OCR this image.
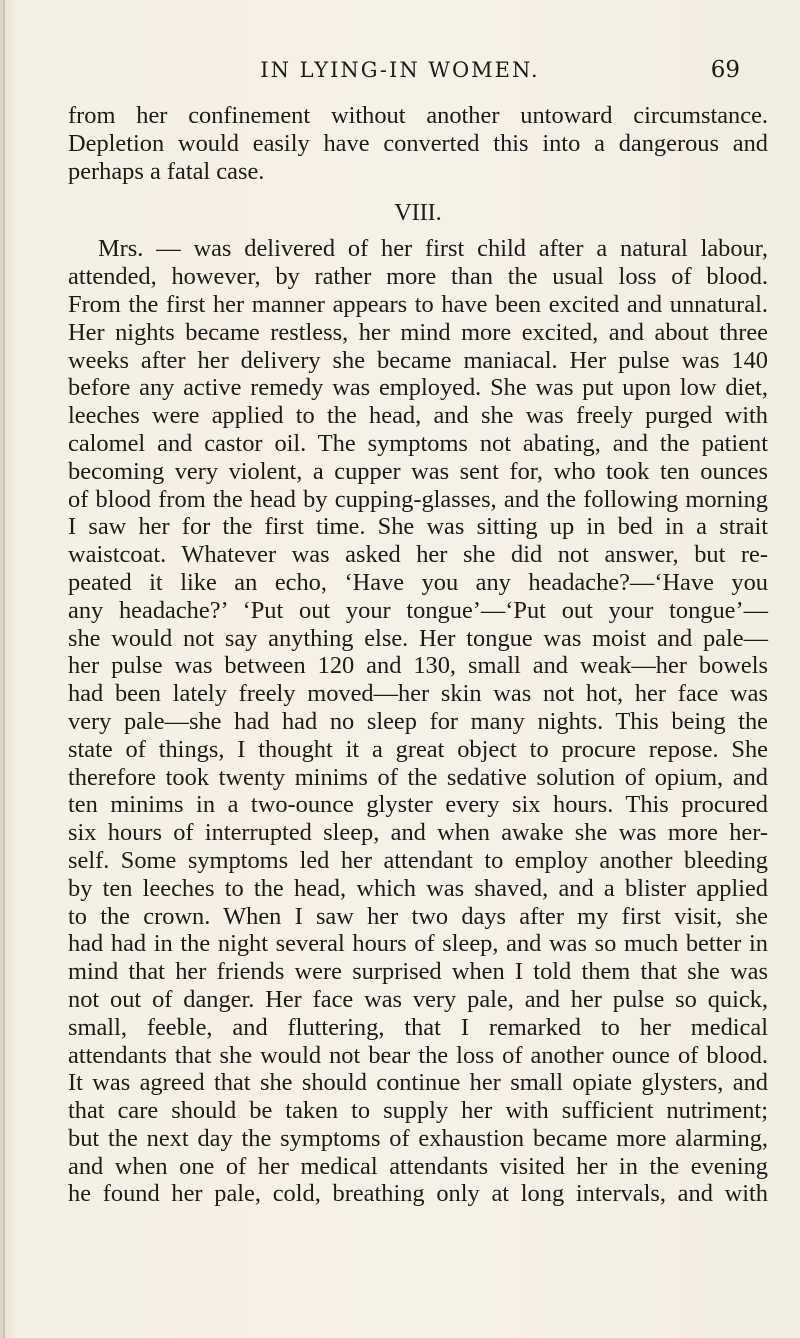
IN LYING-IN WOMEN.	69
from her confinement without another untoward circumstance.
Depletion would easily have converted this into a dangerous and
perhaps a fatal case.
VIII.
Mrs. — was delivered of her first child after a natural labour,
attended, however, by rather more than the usual loss of blood.
From the first her manner appears to have been excited and unnatural.
Her nights became restless, her mind more excited, and about three
weeks after her delivery she became maniacal. Her pulse was 140
before any active remedy was employed. She was put upon low diet,
leeches were applied to the head, and she was freely purged with
calomel and castor oil. The symptoms not abating, and the patient
becoming very violent, a cupper was sent for, who took ten ounces
of blood from the head by cupping-glasses, and the following morning
I saw her for the first time. She was sitting up in bed in a strait
waistcoat. Whatever was asked her she did not answer, but re-
peated it like an echo, ‘Have you any headache?—‘Have you
any headache?’ ‘Put out your tongue’—‘Put out your tongue’—
she would not say anything else. Her tongue was moist and pale—
her pulse was between 120 and 130, small and weak—her bowels
had been lately freely moved—her skin was not hot, her face was
very pale—she had had no sleep for many nights. This being the
state of things, I thought it a great object to procure repose. She
therefore took twenty minims of the sedative solution of opium, and
ten minims in a two-ounce glyster every six hours. This procured
six hours of interrupted sleep, and when awake she was more her-
self. Some symptoms led her attendant to employ another bleeding
by ten leeches to the head, which was shaved, and a blister applied
to the crown. When I saw her two days after my first visit, she
had had in the night several hours of sleep, and was so much better in
mind that her friends were surprised when I told them that she was
not out of danger. Her face was very pale, and her pulse so quick,
small, feeble, and fluttering, that I remarked to her medical
attendants that she would not bear the loss of another ounce of blood.
It was agreed that she should continue her small opiate glysters, and
that care should be taken to supply her with sufficient nutriment;
but the next day the symptoms of exhaustion became more alarming,
and when one of her medical attendants visited her in the evening
he found her pale, cold, breathing only at long intervals, and with
